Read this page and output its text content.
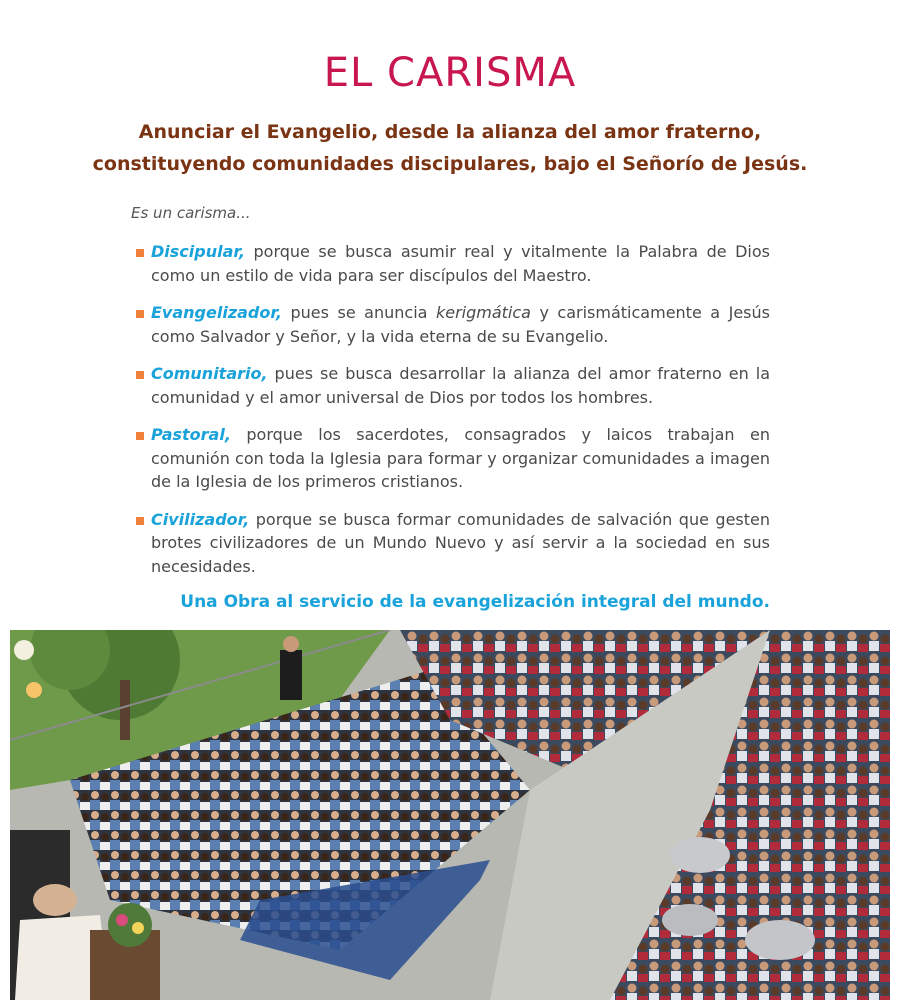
EL CARISMA
Anunciar el Evangelio, desde la alianza del amor fraterno,
constituyendo comunidades discipulares, bajo el Señorío de Jesús.
Es un carisma...
Discipular, porque se busca asumir real y vitalmente la Palabra de Dios como un estilo de vida para ser discípulos del Maestro.
Evangelizador, pues se anuncia kerigmática y carismáticamente a Jesús como Salvador y Señor, y la vida eterna de su Evangelio.
Comunitario, pues se busca desarrollar la alianza del amor fraterno en la comunidad y el amor universal de Dios por todos los hombres.
Pastoral, porque los sacerdotes, consagrados y laicos trabajan en comunión con toda la Iglesia para formar y organizar comunidades a imagen de la Iglesia de los primeros cristianos.
Civilizador, porque se busca formar comunidades de salvación que gesten brotes civilizadores de un Mundo Nuevo y así servir a la sociedad en sus necesidades.
Una Obra al servicio de la evangelización integral del mundo.
